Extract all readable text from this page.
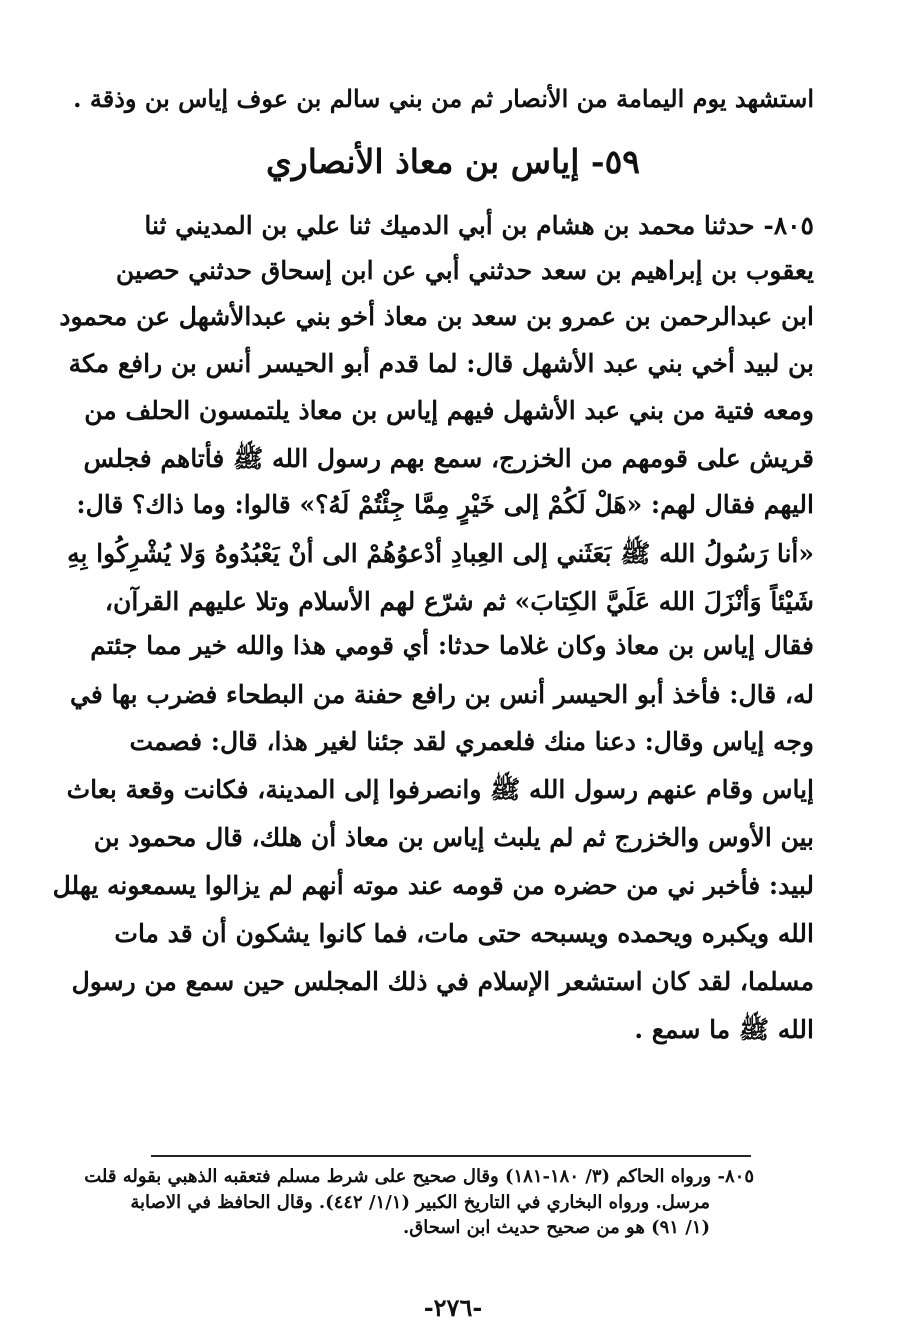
استشهد يوم اليمامة من الأنصار ثم من بني سالم بن عوف إياس بن وذقة .
٥٩- إياس بن معاذ الأنصاري
٨٠٥- حدثنا محمد بن هشام بن أبي الدميك ثنا علي بن المديني ثنا
يعقوب بن إبراهيم بن سعد حدثني أبي عن ابن إسحاق حدثني حصين
ابن عبدالرحمن بن عمرو بن سعد بن معاذ أخو بني عبدالأشهل عن محمود
بن لبيد أخي بني عبد الأشهل قال: لما قدم أبو الحيسر أنس بن رافع مكة
ومعه فتية من بني عبد الأشهل فيهم إياس بن معاذ يلتمسون الحلف من
قريش على قومهم من الخزرج، سمع بهم رسول الله ﷺ فأتاهم فجلس
اليهم فقال لهم: «هَلْ لَكُمْ إلى خَيْرٍ مِمَّا جِئْتُمْ لَهُ؟» قالوا: وما ذاك؟ قال:
«أنا رَسُولُ الله ﷺ بَعَثَني إلى العِبادِ أدْعوُهُمْ الى أنْ يَعْبُدُوهُ وَلا يُشْرِكُوا بِهِ
شَيْئاً وَأنْزَلَ الله عَلَيَّ الكِتابَ» ثم شرّع لهم الأسلام وتلا عليهم القرآن،
فقال إياس بن معاذ وكان غلاما حدثا: أي قومي هذا والله خير مما جئتم
له، قال: فأخذ أبو الحيسر أنس بن رافع حفنة من البطحاء فضرب بها في
وجه إياس وقال: دعنا منك فلعمري لقد جئنا لغير هذا، قال: فصمت
إياس وقام عنهم رسول الله ﷺ وانصرفوا إلى المدينة، فكانت وقعة بعاث
بين الأوس والخزرج ثم لم يلبث إياس بن معاذ أن هلك، قال محمود بن
لبيد: فأخبر ني من حضره من قومه عند موته أنهم لم يزالوا يسمعونه يهلل
الله ويكبره ويحمده ويسبحه حتى مات، فما كانوا يشكون أن قد مات
مسلما، لقد كان استشعر الإسلام في ذلك المجلس حين سمع من رسول
الله ﷺ ما سمع .
٨٠٥- ورواه الحاكم (٣/ ١٨٠-١٨١) وقال صحيح على شرط مسلم فتعقبه الذهبي بقوله قلت
مرسل. ورواه البخاري في التاريخ الكبير (١/١/ ٤٤٢). وقال الحافظ في الاصابة
(١/ ٩١) هو من صحيح حديث ابن اسحاق.
-٢٧٦-
